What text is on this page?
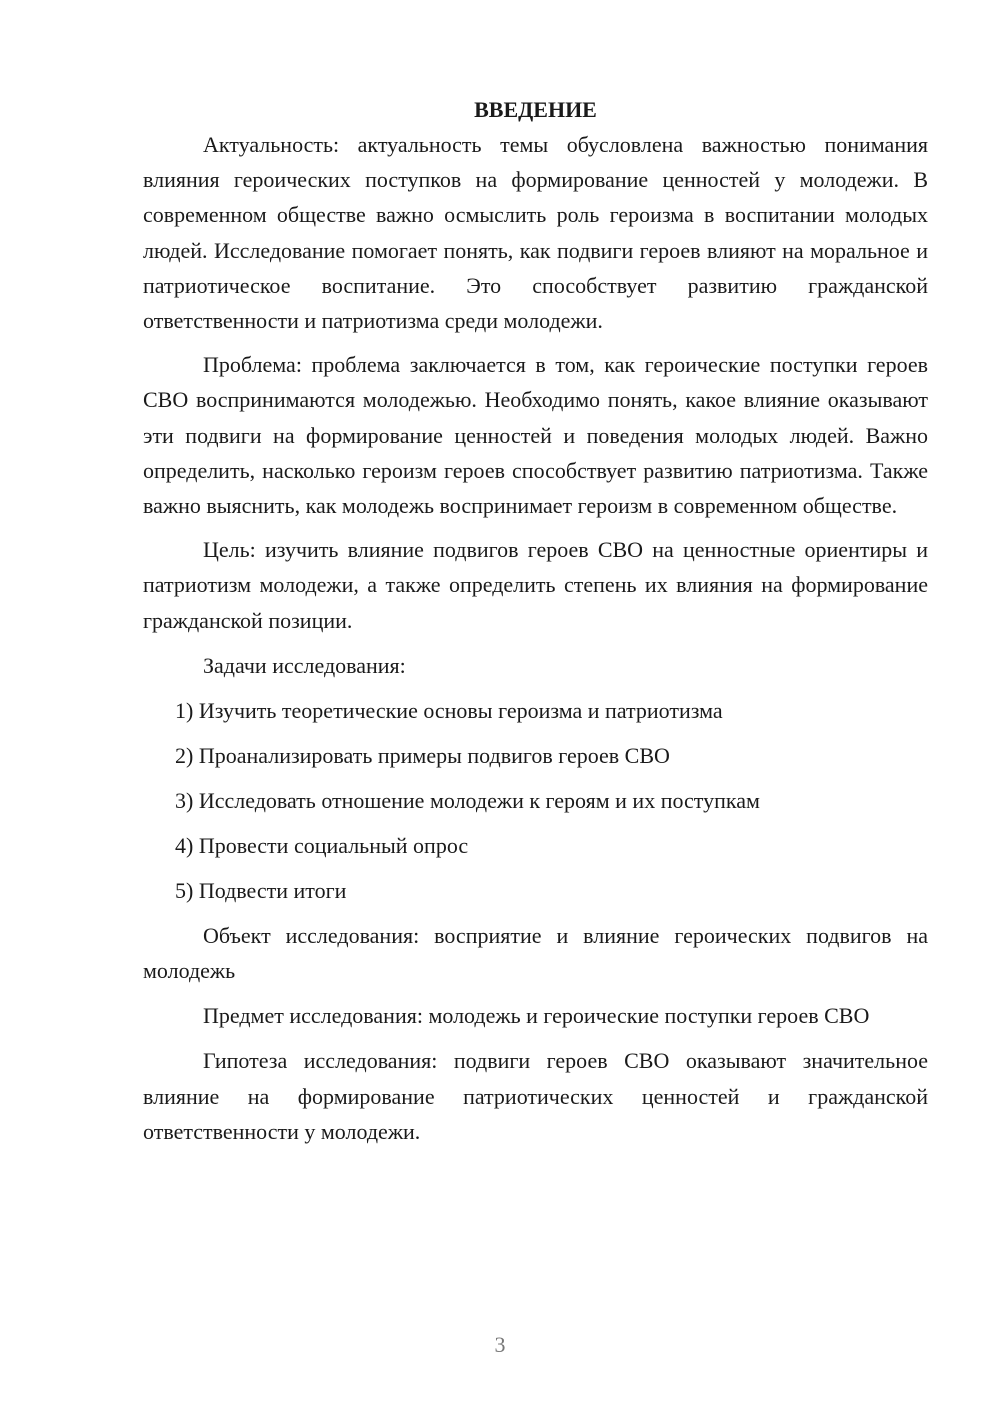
ВВЕДЕНИЕ

Актуальность: актуальность темы обусловлена важностью понимания влияния героических поступков на формирование ценностей у молодежи. В современном обществе важно осмыслить роль героизма в воспитании молодых людей. Исследование помогает понять, как подвиги героев влияют на моральное и патриотическое воспитание. Это способствует развитию гражданской ответственности и патриотизма среди молодежи.

Проблема: проблема заключается в том, как героические поступки героев СВО воспринимаются молодежью. Необходимо понять, какое влияние оказывают эти подвиги на формирование ценностей и поведения молодых людей. Важно определить, насколько героизм героев способствует развитию патриотизма. Также важно выяснить, как молодежь воспринимает героизм в современном обществе.

Цель: изучить влияние подвигов героев СВО на ценностные ориентиры и патриотизм молодежи, а также определить степень их влияния на формирование гражданской позиции.

Задачи исследования:

1) Изучить теоретические основы героизма и патриотизма

2) Проанализировать примеры подвигов героев СВО

3) Исследовать отношение молодежи к героям и их поступкам

4) Провести социальный опрос

5) Подвести итоги

Объект исследования: восприятие и влияние героических подвигов на молодежь

Предмет исследования: молодежь и героические поступки героев СВО

Гипотеза исследования: подвиги героев СВО оказывают значительное влияние на формирование патриотических ценностей и гражданской ответственности у молодежи.

3
